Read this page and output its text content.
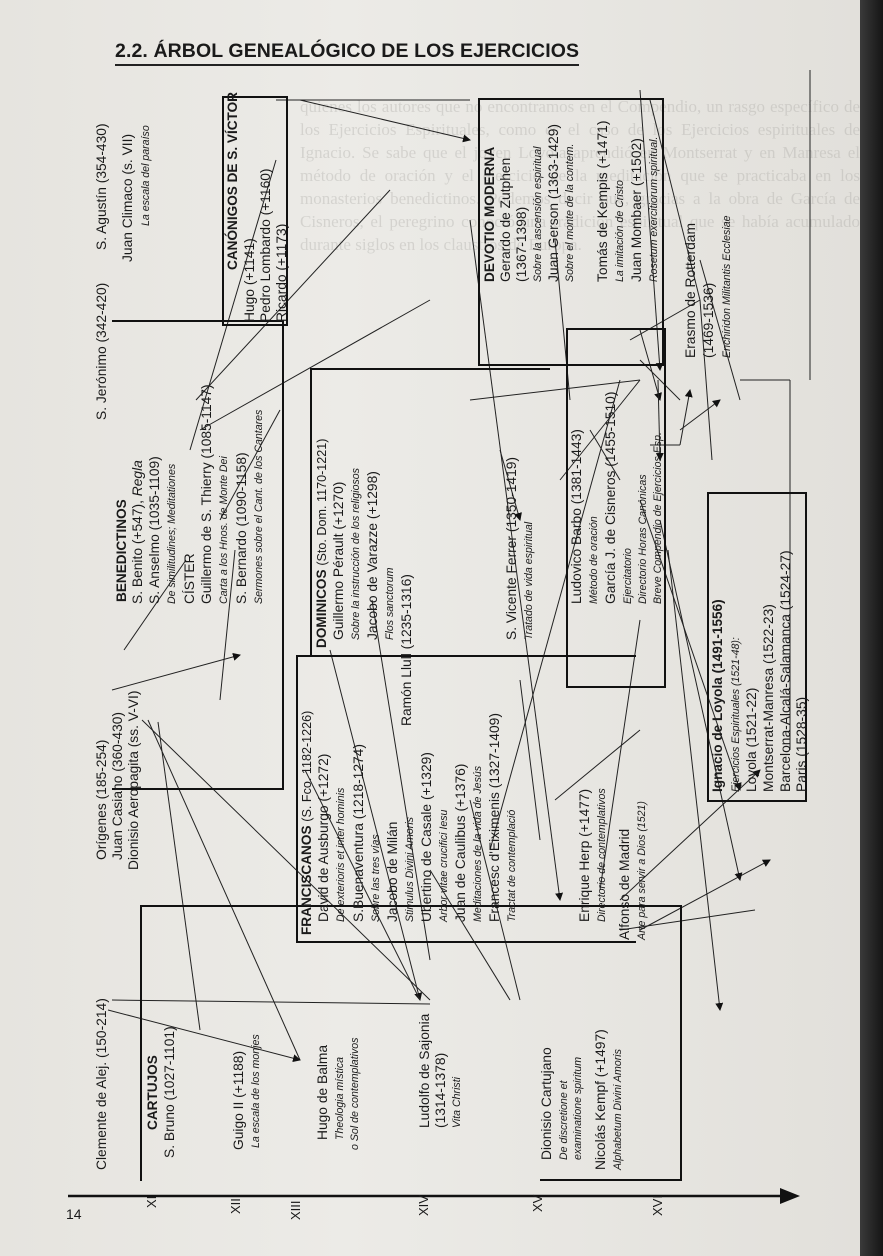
quienes los autores que no encontramos en el Compendio, un rasgo específico de los Ejercicios Espirituales, como es el caso de los Ejercicios espirituales de Ignacio. Se sabe que el joven Loyola aprendió en Montserrat y en Manresa el método de oración y el ejercicio de la meditación que se practicaba en los monasterios benedictinos. Podemos decir que, gracias a la obra de García de Cisneros, el peregrino conoció una tradición espiritual que se había acumulado durante siglos en los claustros de Europa.
2.2. ÁRBOL GENEALÓGICO DE LOS EJERCICIOS
14
XI	XII	XIII	XIV	XV	XVI
Clemente de Alej. (150-214)
Orígenes (185-254) Juan Casiano (360-430) Dionisio Aeropagita (ss. V-VI)
S. Jerónimo (342-420)
S. Agustín (354-430) Juan Climaco (s. VII) La escala del paraíso
CARTUJOS S. Bruno (1027-1101)	Guigo II (+1188) La escala de los monjes	Hugo de Balma Theologia mística o Sol de contemplativos	Ludolfo de Sajonia (1314-1378) Vita Christi	Dionisio Cartujano De discretione et examinatione spiritum Nicolás Kempf (+1497) Alphabetum Divini Amoris
FRANCISCANOS (S. Fco. 1182-1226) David de Ausburgo (+1272) De exterioris et inter hominis S.Buenaventura (1218-1274) Sobre las tres vías Jacobo de Milán Stimulus Divini Amoris Ubertino de Casale (+1329) Arbor vitae crucifici Iesu Juan de Caulibus (+1376) Meditaciones de la vida de Jesús Francesc d'Eiximenis (1327-1409) Tractat de contemplació	Enrique Herp (+1477) Directorio de contemplativos Alfonso de Madrid Arte para servir a Dios (1521)
BENEDICTINOS S. Benito (+547), Regla S. Anselmo (1035-1109) De similitudines; Meditationes CÍSTER Guillermo de S. Thierry (1085-1147) Carta a los Hnos. de Monte Dei S. Bernardo (1090-1158) Sermones sobre el Cant. de los Cantares
DOMINICOS (Sto. Dom. 1170-1221) Guillermo Pérault (+1270) Sobre la instrucción de los religiosos Jacobo de Varazze (+1298) Flos sanctorum Ramón Llull (1235-1316)
S. Vicente Ferrer (1350-1419) Tratado de vida espiritual
CANÓNIGOS DE S. VÍCTOR
Hugo (+1141) Pedro Lombardo (+1160) Ricardo (+1173)	DEVOTIO MODERNA Gerardo de Zutphen (1367-1398) Sobre la ascensión espiritual Juan Gerson (1363-1429) Sobre el monte de la contem. Tomás de Kempis (+1471) La imitación de Cristo Juan Mombaer (+1502) Rosetum exercitiorum spiritual.
Ludovico Barbo (1381-1443) Método de oración García J. de Cisneros (1455-1510) Ejercitatorio Directorio Horas Canónicas Breve Compendio de Ejercicios Esp.
Erasmo de Rotterdam (1469-1536) Enchiridon Militantis Ecclesiae
Ignacio de Loyola (1491-1556) Ejercicios Espirituales (1521-48): Loyola (1521-22) Montserrat-Manresa (1522-23) Barcelona-Alcalá-Salamanca (1524-27) Paris (1528-35)
